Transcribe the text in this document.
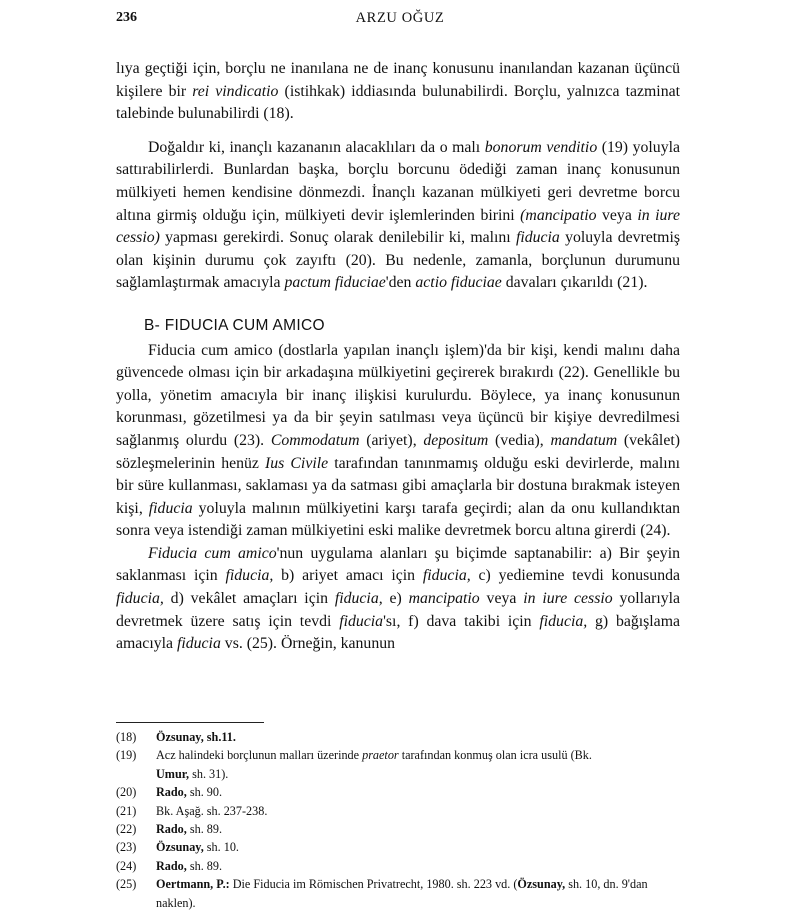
236	ARZU OĞUZ

lıya geçtiği için, borçlu ne inanılana ne de inanç konusunu inanılandan kazanan üçüncü kişilere bir rei vindicatio (istihkak) iddiasında bulunabilirdi. Borçlu, yalnızca tazminat talebinde bulunabilirdi (18).

Doğaldır ki, inançlı kazananın alacaklıları da o malı bonorum venditio (19) yoluyla sattırabilirlerdi. Bunlardan başka, borçlu borcunu ödediği zaman inanç konusunun mülkiyeti hemen kendisine dönmezdi. İnançlı kazanan mülkiyeti geri devretme borcu altına girmiş olduğu için, mülkiyeti devir işlemlerinden birini (mancipatio veya in iure cessio) yapması gerekirdi. Sonuç olarak denilebilir ki, malını fiducia yoluyla devretmiş olan kişinin durumu çok zayıftı (20). Bu nedenle, zamanla, borçlunun durumunu sağlamlaştırmak amacıyla pactum fiduciae'den actio fiduciae davaları çıkarıldı (21).

B- FIDUCIA CUM AMICO

Fiducia cum amico (dostlarla yapılan inançlı işlem)'da bir kişi, kendi malını daha güvencede olması için bir arkadaşına mülkiyetini geçirerek bırakırdı (22). Genellikle bu yolla, yönetim amacıyla bir inanç ilişkisi kurulurdu. Böylece, ya inanç konusunun korunması, gözetilmesi ya da bir şeyin satılması veya üçüncü bir kişiye devredilmesi sağlanmış olurdu (23). Commodatum (ariyet), depositum (vedia), mandatum (vekâlet) sözleşmelerinin henüz Ius Civile tarafından tanınmamış olduğu eski devirlerde, malını bir süre kullanması, saklaması ya da satması gibi amaçlarla bir dostuna bırakmak isteyen kişi, fiducia yoluyla malının mülkiyetini karşı tarafa geçirdi; alan da onu kullandıktan sonra veya istendiği zaman mülkiyetini eski malike devretmek borcu altına girerdi (24).

Fiducia cum amico'nun uygulama alanları şu biçimde saptanabilir: a) Bir şeyin saklanması için fiducia, b) ariyet amacı için fiducia, c) yediemine tevdi konusunda fiducia, d) vekâlet amaçları için fiducia, e) mancipatio veya in iure cessio yollarıyla devretmek üzere satış için tevdi fiducia'sı, f) dava takibi için fiducia, g) bağışlama amacıyla fiducia vs. (25). Örneğin, kanunun

(18)	Özsunay, sh.11.
(19)	Acz halindeki borçlunun malları üzerinde praetor tarafından konmuş olan icra usulü (Bk.
Umur, sh. 31).
(20)	Rado, sh. 90.
(21)	Bk. Aşağ. sh. 237-238.
(22)	Rado, sh. 89.
(23)	Özsunay, sh. 10.
(24)	Rado, sh. 89.
(25)	Oertmann, P.: Die Fiducia im Römischen Privatrecht, 1980. sh. 223 vd. (Özsunay, sh. 10, dn. 9'dan naklen).
